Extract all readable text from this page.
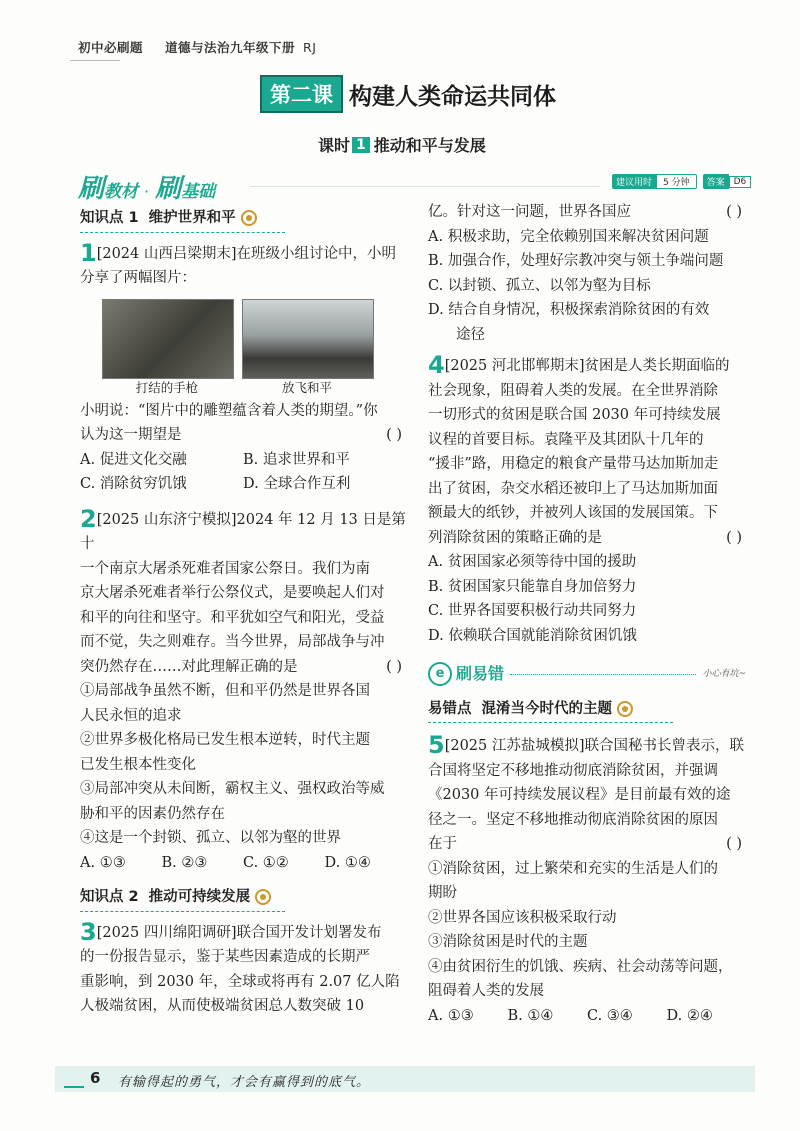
初中必刷题 道德与法治九年级下册 RJ
第二课 构建人类命运共同体
课时 1 推动和平与发展
刷 教材 · 刷 基础	建议用时	5 分钟	答案	D6
知识点 1 维护世界和平

1[2024 山西吕梁期末]在班级小组讨论中，小明

分享了两幅图片：

打结的手枪	放飞和平

小明说：“图片中的雕塑蕴含着人类的期望。”你

认为这一期望是	( )

A. 促进文化交融	B. 追求世界和平
C. 消除贫穷饥饿	D. 全球合作互利

2[2025 山东济宁模拟]2024 年 12 月 13 日是第十

一个南京大屠杀死难者国家公祭日。我们为南

京大屠杀死难者举行公祭仪式，是要唤起人们对

和平的向往和坚守。和平犹如空气和阳光，受益

而不觉，失之则难存。当今世界，局部战争与冲

突仍然存在……对此理解正确的是	( )

①局部战争虽然不断，但和平仍然是世界各国

人民永恒的追求

②世界多极化格局已发生根本逆转，时代主题

已发生根本性变化

③局部冲突从未间断，霸权主义、强权政治等威

胁和平的因素仍然存在

④这是一个封锁、孤立、以邻为壑的世界

A. ①③	B. ②③	C. ①②	D. ①④
知识点 2 推动可持续发展

3[2025 四川绵阳调研]联合国开发计划署发布

的一份报告显示，鉴于某些因素造成的长期严

重影响，到 2030 年，全球或将再有 2.07 亿人陷

人极端贫困，从而使极端贫困总人数突破 10

亿。针对这一问题，世界各国应	( )

A. 积极求助，完全依赖别国来解决贫困问题

B. 加强合作，处理好宗教冲突与领土争端问题

C. 以封锁、孤立、以邻为壑为目标

D. 结合自身情况，积极探索消除贫困的有效

途径

4[2025 河北邯郸期末]贫困是人类长期面临的

社会现象，阻碍着人类的发展。在全世界消除

一切形式的贫困是联合国 2030 年可持续发展

议程的首要目标。袁隆平及其团队十几年的

“援非”路，用稳定的粮食产量带马达加斯加走

出了贫困，杂交水稻还被印上了马达加斯加面

额最大的纸钞，并被列人该国的发展国策。下

列消除贫困的策略正确的是	( )

A. 贫困国家必须等待中国的援助

B. 贫困国家只能靠自身加倍努力

C. 世界各国要积极行动共同努力

D. 依赖联合国就能消除贫困饥饿

e 刷易错	小心有坑~
易错点 混淆当今时代的主题

5[2025 江苏盐城模拟]联合国秘书长曾表示，联

合国将坚定不移地推动彻底消除贫困，并强调

《2030 年可持续发展议程》是目前最有效的途

径之一。坚定不移地推动彻底消除贫困的原因

在于	( )

①消除贫困，过上繁荣和充实的生活是人们的

期盼

②世界各国应该积极采取行动

③消除贫困是时代的主题

④由贫困衍生的饥饿、疾病、社会动荡等问题，

阻碍着人类的发展

A. ①③	B. ①④	C. ③④	D. ②④
6 有输得起的勇气，才会有赢得到的底气。
